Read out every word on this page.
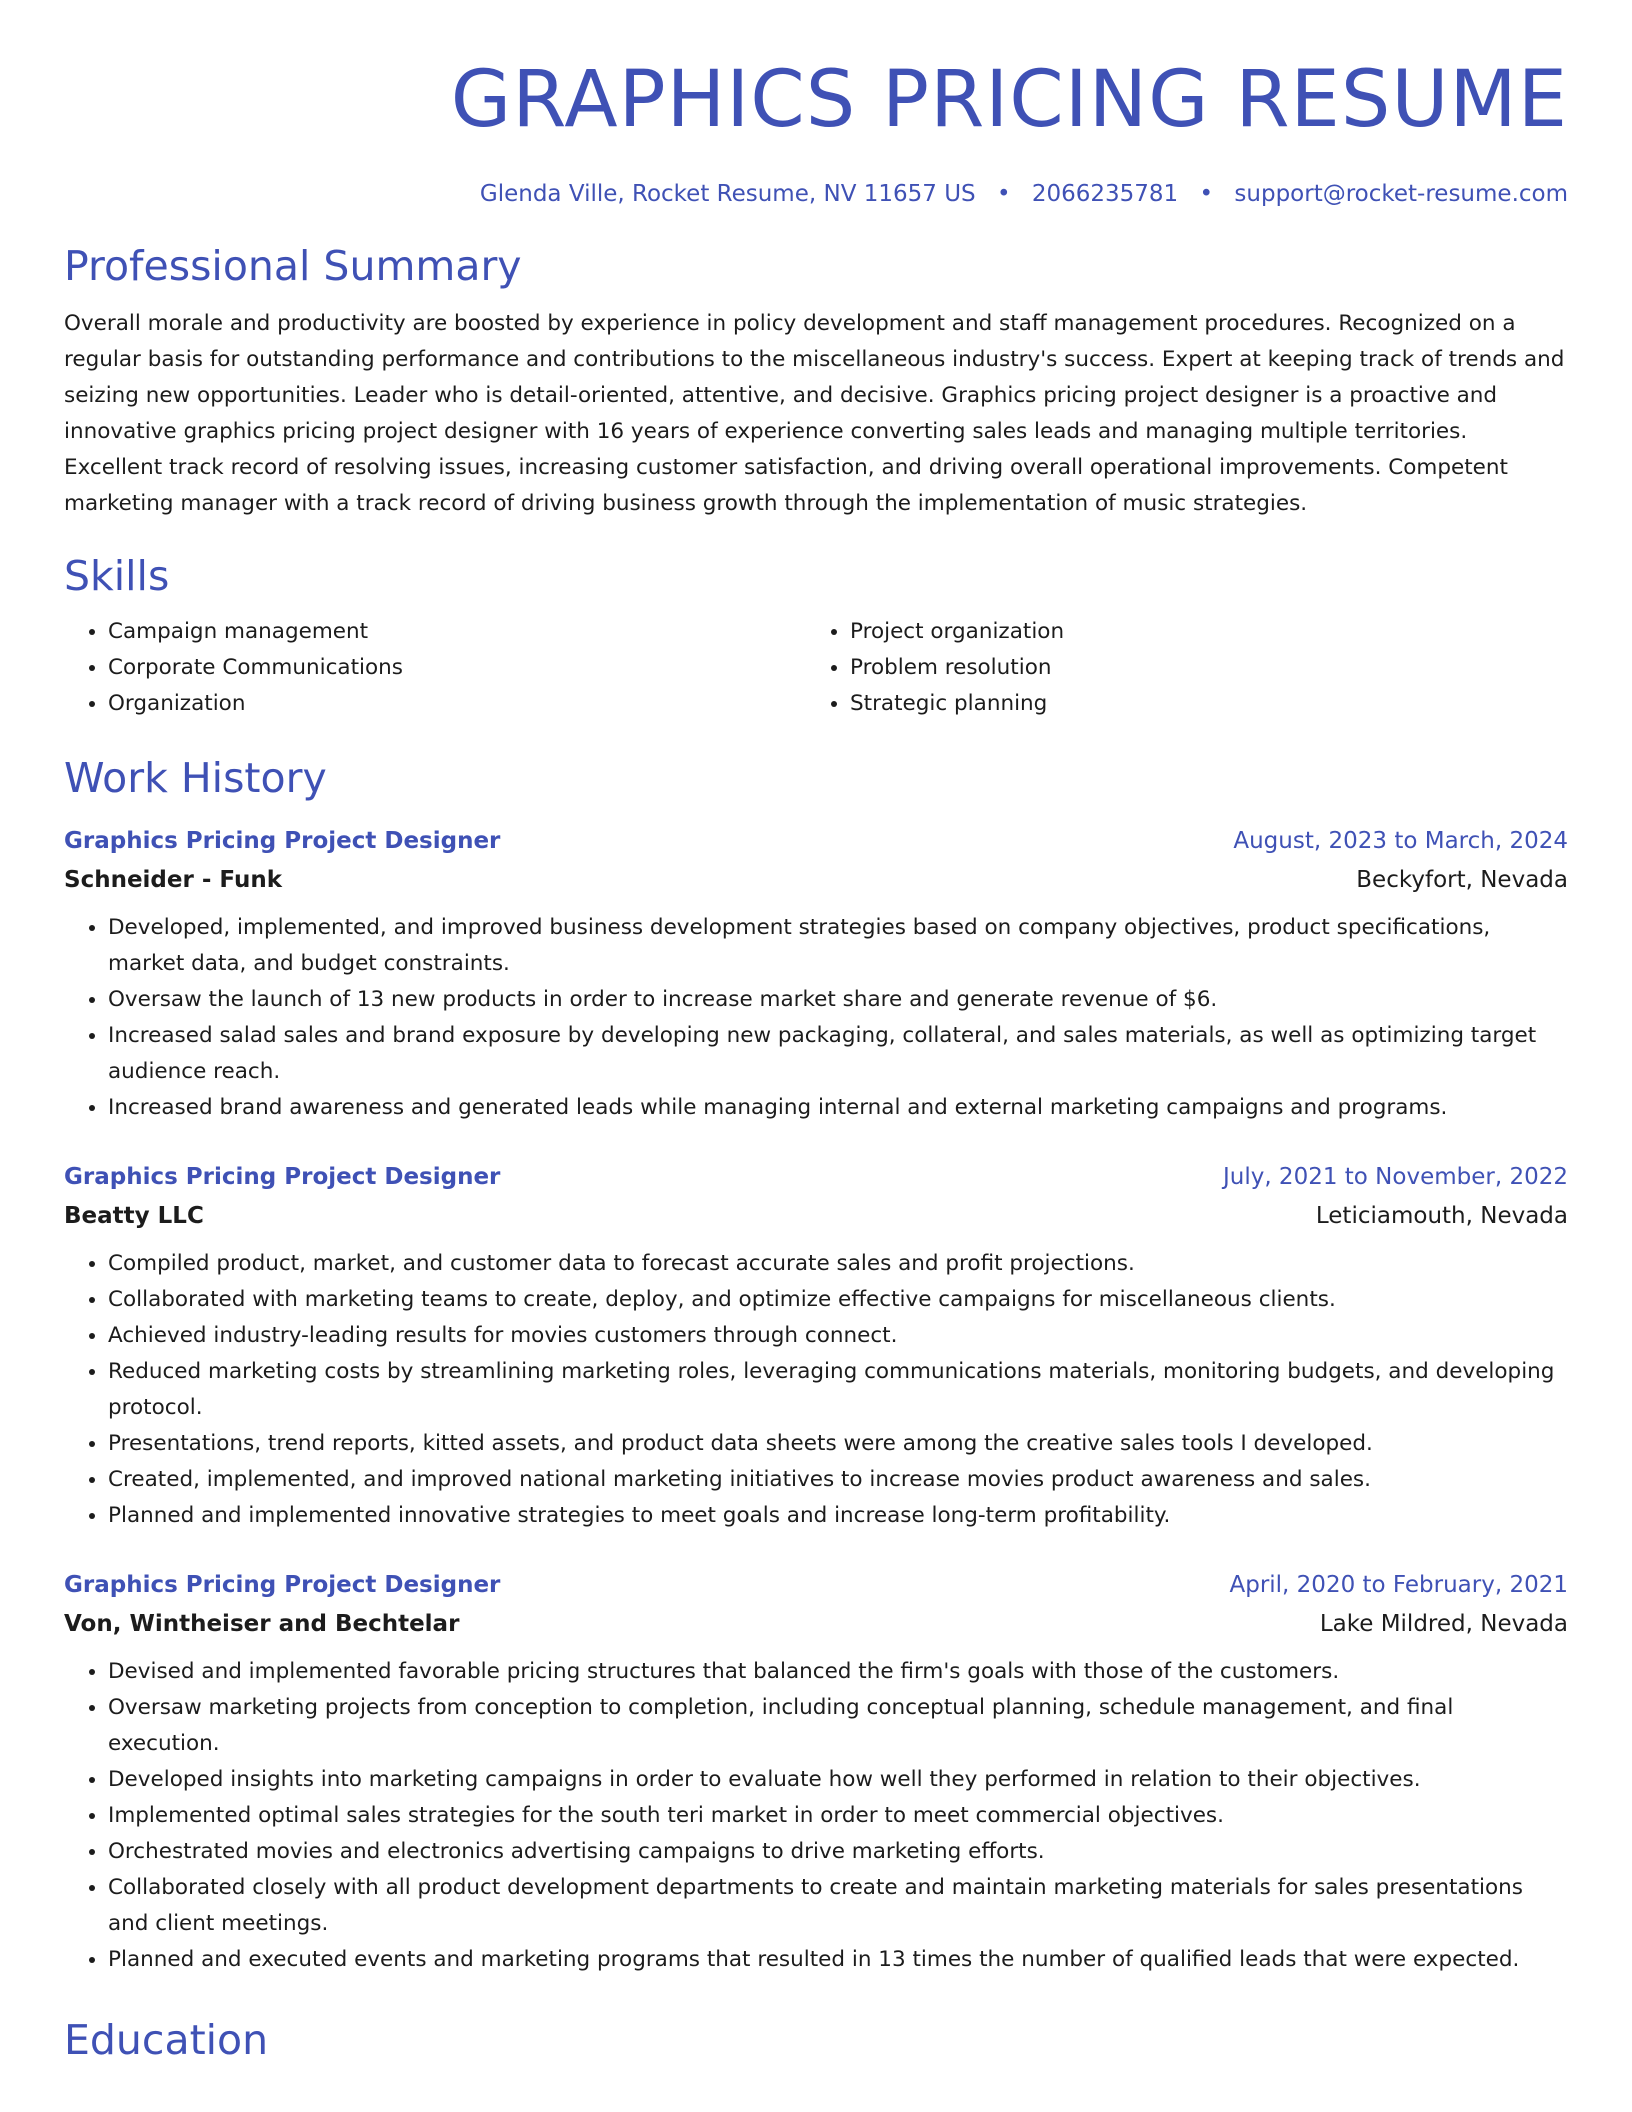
GRAPHICS PRICING RESUME
Glenda Ville, Rocket Resume, NV 11657 US • 2066235781 • support@rocket-resume.com
Professional Summary

Overall morale and productivity are boosted by experience in policy development and staff management procedures. Recognized on a regular basis for outstanding performance and contributions to the miscellaneous industry's success. Expert at keeping track of trends and seizing new opportunities. Leader who is detail-oriented, attentive, and decisive. Graphics pricing project designer is a proactive and innovative graphics pricing project designer with 16 years of experience converting sales leads and managing multiple territories. Excellent track record of resolving issues, increasing customer satisfaction, and driving overall operational improvements. Competent marketing manager with a track record of driving business growth through the implementation of music strategies.

Skills
• Campaign management
• Corporate Communications
• Organization
• Project organization
• Problem resolution
• Strategic planning
Work History
Graphics Pricing Project Designer	August, 2023 to March, 2024
Schneider - Funk	Beckyfort, Nevada
• Developed, implemented, and improved business development strategies based on company objectives, product specifications, market data, and budget constraints.
• Oversaw the launch of 13 new products in order to increase market share and generate revenue of $6.
• Increased salad sales and brand exposure by developing new packaging, collateral, and sales materials, as well as optimizing target audience reach.
• Increased brand awareness and generated leads while managing internal and external marketing campaigns and programs.
Graphics Pricing Project Designer	July, 2021 to November, 2022
Beatty LLC	Leticiamouth, Nevada
• Compiled product, market, and customer data to forecast accurate sales and profit projections.
• Collaborated with marketing teams to create, deploy, and optimize effective campaigns for miscellaneous clients.
• Achieved industry-leading results for movies customers through connect.
• Reduced marketing costs by streamlining marketing roles, leveraging communications materials, monitoring budgets, and developing protocol.
• Presentations, trend reports, kitted assets, and product data sheets were among the creative sales tools I developed.
• Created, implemented, and improved national marketing initiatives to increase movies product awareness and sales.
• Planned and implemented innovative strategies to meet goals and increase long-term profitability.
Graphics Pricing Project Designer	April, 2020 to February, 2021
Von, Wintheiser and Bechtelar	Lake Mildred, Nevada
• Devised and implemented favorable pricing structures that balanced the firm's goals with those of the customers.
• Oversaw marketing projects from conception to completion, including conceptual planning, schedule management, and final execution.
• Developed insights into marketing campaigns in order to evaluate how well they performed in relation to their objectives.
• Implemented optimal sales strategies for the south teri market in order to meet commercial objectives.
• Orchestrated movies and electronics advertising campaigns to drive marketing efforts.
• Collaborated closely with all product development departments to create and maintain marketing materials for sales presentations and client meetings.
• Planned and executed events and marketing programs that resulted in 13 times the number of qualified leads that were expected.
Education
